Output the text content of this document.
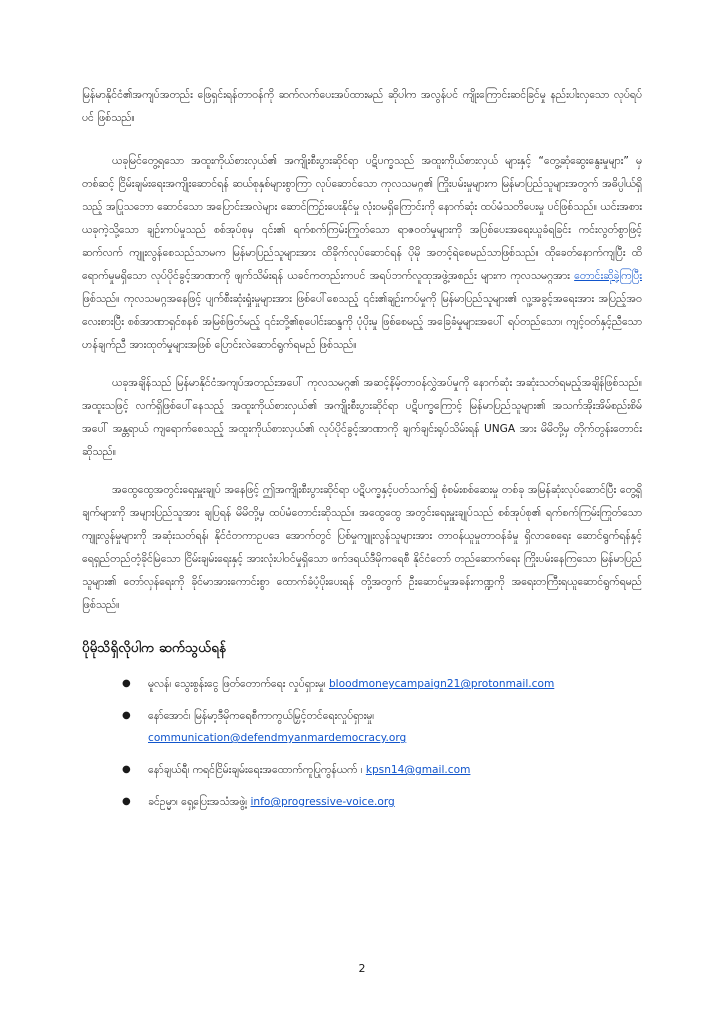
မြန်မာနိုင်ငံ၏အကျပ်အတည်း ဖြေရှင်းရန်တာဝန်ကို ဆက်လက်ပေးအပ်ထားမည် ဆိုပါက အလွန်ပင် ကျိုးကြောင်းဆင်ခြင်မှု နည်းပါးလှသော လုပ်ရပ်ပင် ဖြစ်သည်။

ယခုမြင်တွေ့ရသော အထူးကိုယ်စားလှယ်၏ အကျိုးစီးပွားဆိုင်ရာ ပဋိပက္ခသည် အထူးကိုယ်စားလှယ် များနှင့် “တွေ့ဆုံဆွေးနွေးမှုများ” မှတစ်ဆင့် ငြိမ်းချမ်းရေးအကျိုးဆောင်ရန် ဆယ်စုနှစ်များစွာကြာ လုပ်ဆောင်သော ကုလသမဂ္ဂ၏ ကြိုးပမ်းမှုများက မြန်မာပြည်သူများအတွက် အဓိပ္ပါယ်ရှိသည့် အပြုသဘော ဆောင်သော အပြောင်းအလဲများ ဆောင်ကြဉ်းပေးနိုင်မှု လုံးဝမရှိကြောင်းကို နောက်ဆုံး ထပ်မံသတိပေးမှု ပင်ဖြစ်သည်။ ယင်းအစား ယခုကဲ့သို့သော ချဉ်းကပ်မှုသည် စစ်အုပ်စုမှ ၎င်း၏ ရက်စက်ကြမ်းကြုတ်သော ရာဇဝတ်မှုများကို အပြစ်ပေးအရေးယူခံရခြင်း ကင်းလွတ်စွာဖြင့် ဆက်လက် ကျူးလွန်စေသည်သာမက မြန်မာပြည်သူများအား ထိခိုက်လုပ်ဆောင်ရန် ပိုမို အတင့်ရဲစေမည်သာဖြစ်သည်။ ထိုခေတ်နောက်ကျပြီး ထိရောက်မှုမရှိသော လုပ်ပိုင်ခွင့်အာဏာကို ဖျက်သိမ်းရန် ယခင်ကတည်းကပင် အရပ်ဘက်လူထုအဖွဲ့အစည်း များက ကုလသမဂ္ဂအား တောင်းဆိုခဲ့ကြပြီး ဖြစ်သည်။ ကုလသမဂ္ဂအနေဖြင့် ပျက်စီးဆုံးရှုံးမှုများအား ဖြစ်ပေါ်စေသည့် ၎င်း၏ချဉ်းကပ်မှုကို မြန်မာပြည်သူများ၏ လူ့အခွင့်အရေးအား အပြည့်အဝလေးစားပြီး စစ်အာဏာရှင်စနစ် အမြစ်ဖြတ်မည့် ၎င်းတို့၏စုပေါင်းဆန္ဒကို ပုံပိုးမှု ဖြစ်စေမည့် အခြေခံမှုများအပေါ် ရပ်တည်သော၊ ကျင့်ဝတ်နှင့်ညီသော ဟန်ချက်ညီ အားထုတ်မှုများအဖြစ် ပြောင်းလဲဆောင်ရွက်ရမည် ဖြစ်သည်။

ယခုအချိန်သည် မြန်မာနိုင်ငံအကျပ်အတည်းအပေါ် ကုလသမဂ္ဂ၏ အဆင့်နိမ့်တာဝန်လွှဲအပ်မှုကို နောက်ဆုံး အဆုံးသတ်ရမည့်အချိန်ဖြစ်သည်။ အထူးသဖြင့် လက်ရှိဖြစ်ပေါ်နေသည့် အထူးကိုယ်စားလှယ်၏ အကျိုးစီးပွားဆိုင်ရာ ပဋိပက္ခကြောင့် မြန်မာပြည်သူများ၏ အသက်အိုးအိမ်စည်းစိမ်အပေါ် အန္တရာယ် ကျရောက်စေသည့် အထူးကိုယ်စားလှယ်၏ လုပ်ပိုင်ခွင့်အာဏာကို ချက်ချင်းရုပ်သိမ်းရန် UNGA အား မိမိတို့မှ တိုက်တွန်းတောင်းဆိုသည်။

အထွေထွေအတွင်းရေးမှူးချုပ် အနေဖြင့် ဤအကျိုးစီးပွားဆိုင်ရာ ပဋိပက္ခနှင့်ပတ်သက်၍ စုံစမ်းစစ်ဆေးမှု တစ်ခု အမြန်ဆုံးလုပ်ဆောင်ပြီး တွေ့ရှိချက်များကို အများပြည်သူအား ချပြရန် မိမိတို့မှ ထပ်မံတောင်းဆိုသည်။ အထွေထွေ အတွင်းရေးမှူးချုပ်သည် စစ်အုပ်စု၏ ရက်စက်ကြမ်းကြုတ်သောကျူးလွန်မှုများကို အဆုံးသတ်ရန်၊ နိုင်ငံတကာဥပဒေ အောက်တွင် ပြစ်မှုကျူးလွန်သူများအား တာဝန်ယူမှုတာဝန်ခံမှု ရှိလာစေရေး ဆောင်ရွက်ရန်နှင့် ရေရှည်တည်တံ့ခိုင်မြဲသော ငြိမ်းချမ်းရေးနှင့် အားလုံးပါဝင်မှုရှိသော ဖက်ဒရယ်ဒီမိုကရေစီ နိုင်ငံတော် တည်ဆောက်ရေး ကြိုးပမ်းနေကြသော မြန်မာပြည်သူများ၏ တော်လှန်ရေးကို ခိုင်မာအားကောင်းစွာ ထောက်ခံပံ့ပိုးပေးရန် တို့အတွက် ဦးဆောင်မှုအခန်းကဏ္ဍကို အရေးတကြီးရယူဆောင်ရွက်ရမည် ဖြစ်သည်။

ပိုမိုသိရှိလိုပါက ဆက်သွယ်ရန်
● မူလန်၊ သွေးစွန်းငွေ ဖြတ်တောက်ရေး လှုပ်ရှားမှု၊ bloodmoneycampaign21@protonmail.com
● နော်အောင်၊ မြန်မာ့ဒီမိုကရေစီကာကွယ်မြှင့်တင်ရေးလှုပ်ရှားမှု၊
communication@defendmyanmardemocracy.org
● နော်ချယ်ရီ၊ ကရင်ငြိမ်းချမ်းရေးအထောက်ကူပြုကွန်ယက် ၊ kpsn14@gmail.com
● ခင်ဥမ္မာ၊ ရှေ့ပြေးအသံအဖွဲ့၊ info@progressive-voice.org
2
